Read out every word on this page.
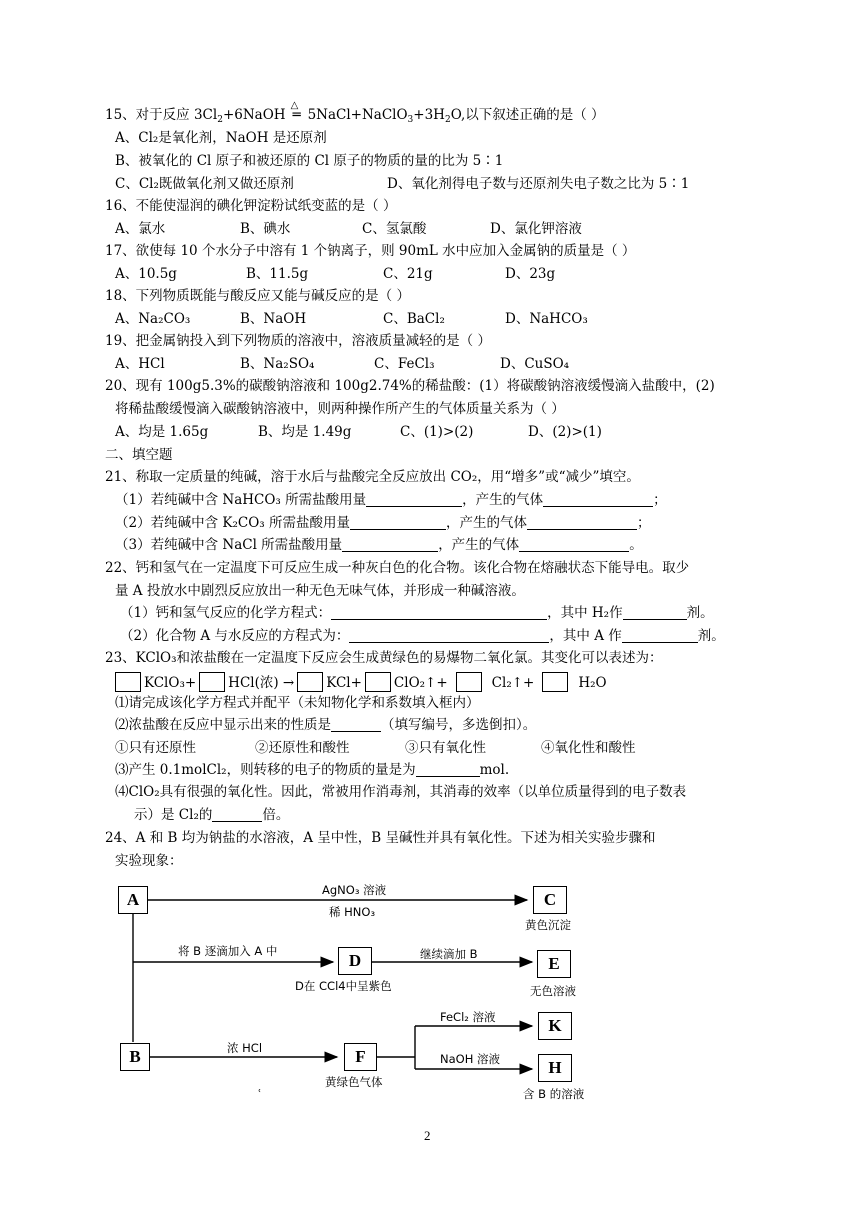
15、对于反应 $3Cl_2+6NaOH$
△
═ $5NaCl+NaClO_3+3H_2O$,以下叙述正确的是（ ）
A、Cl₂是氧化剂，NaOH 是还原剂
B、被氧化的 Cl 原子和被还原的 Cl 原子的物质的量的比为 5∶1
C、Cl₂既做氧化剂又做还原剂	D、氧化剂得电子数与还原剂失电子数之比为 5∶1
16、不能使湿润的碘化钾淀粉试纸变蓝的是（ ）
A、氯水	B、碘水	C、氢氯酸	D、氯化钾溶液
17、欲使每 10 个水分子中溶有 1 个钠离子，则 90mL 水中应加入金属钠的质量是（ ）
A、10.5g	B、11.5g	C、21g	D、23g
18、下列物质既能与酸反应又能与碱反应的是（ ）
A、Na₂CO₃	B、NaOH	C、BaCl₂	D、NaHCO₃
19、把金属钠投入到下列物质的溶液中，溶液质量减轻的是（ ）
A、HCl	B、Na₂SO₄	C、FeCl₃	D、CuSO₄
20、现有 100g5.3%的碳酸钠溶液和 100g2.74%的稀盐酸：(1）将碳酸钠溶液缓慢滴入盐酸中，(2)
将稀盐酸缓慢滴入碳酸钠溶液中，则两种操作所产生的气体质量关系为（ ）
A、均是 1.65g	B、均是 1.49g	C、(1)>(2)	D、(2)>(1)
二、填空题
21、称取一定质量的纯碱，溶于水后与盐酸完全反应放出 CO₂，用“增多”或“减少”填空。
（1）若纯碱中含 NaHCO₃ 所需盐酸用量	，产生的气体	；
（2）若纯碱中含 K₂CO₃ 所需盐酸用量	，产生的气体	；
（3）若纯碱中含 NaCl 所需盐酸用量	，产生的气体	。
22、钙和氢气在一定温度下可反应生成一种灰白色的化合物。该化合物在熔融状态下能导电。取少
量 A 投放水中剧烈反应放出一种无色无味气体，并形成一种碱溶液。
（1）钙和氢气反应的化学方程式：	，其中 H₂作	剂。
（2）化合物 A 与水反应的方程式为：	，其中 A 作	剂。
23、KClO₃和浓盐酸在一定温度下反应会生成黄绿色的易爆物二氧化氯。其变化可以表述为：
KClO₃+ HCl(浓) → KCl+ ClO₂↑+	Cl₂↑+	H₂O
⑴请完成该化学方程式并配平（未知物化学和系数填入框内）
⑵浓盐酸在反应中显示出来的性质是	（填写编号，多选倒扣）。
①只有还原性	②还原性和酸性	③只有氧化性	④氧化性和酸性
⑶产生 0.1molCl₂，则转移的电子的物质的量是为	mol.
⑷ClO₂具有很强的氧化性。因此，常被用作消毒剂，其消毒的效率（以单位质量得到的电子数表
示）是 Cl₂的	倍。
24、A 和 B 均为钠盐的水溶液，A 呈中性，B 呈碱性并具有氧化性。下述为相关实验步骤和
实验现象：
A	C
D	E
B	F
K
H
AgNO₃ 溶液
稀 HNO₃
黄色沉淀
将 B 逐滴加入 A 中
D在 CCl4中呈紫色
继续滴加 B
无色溶液
浓 HCl
黄绿色气体
FeCl₂ 溶液
NaOH 溶液
含 B 的溶液
ʿ
2
